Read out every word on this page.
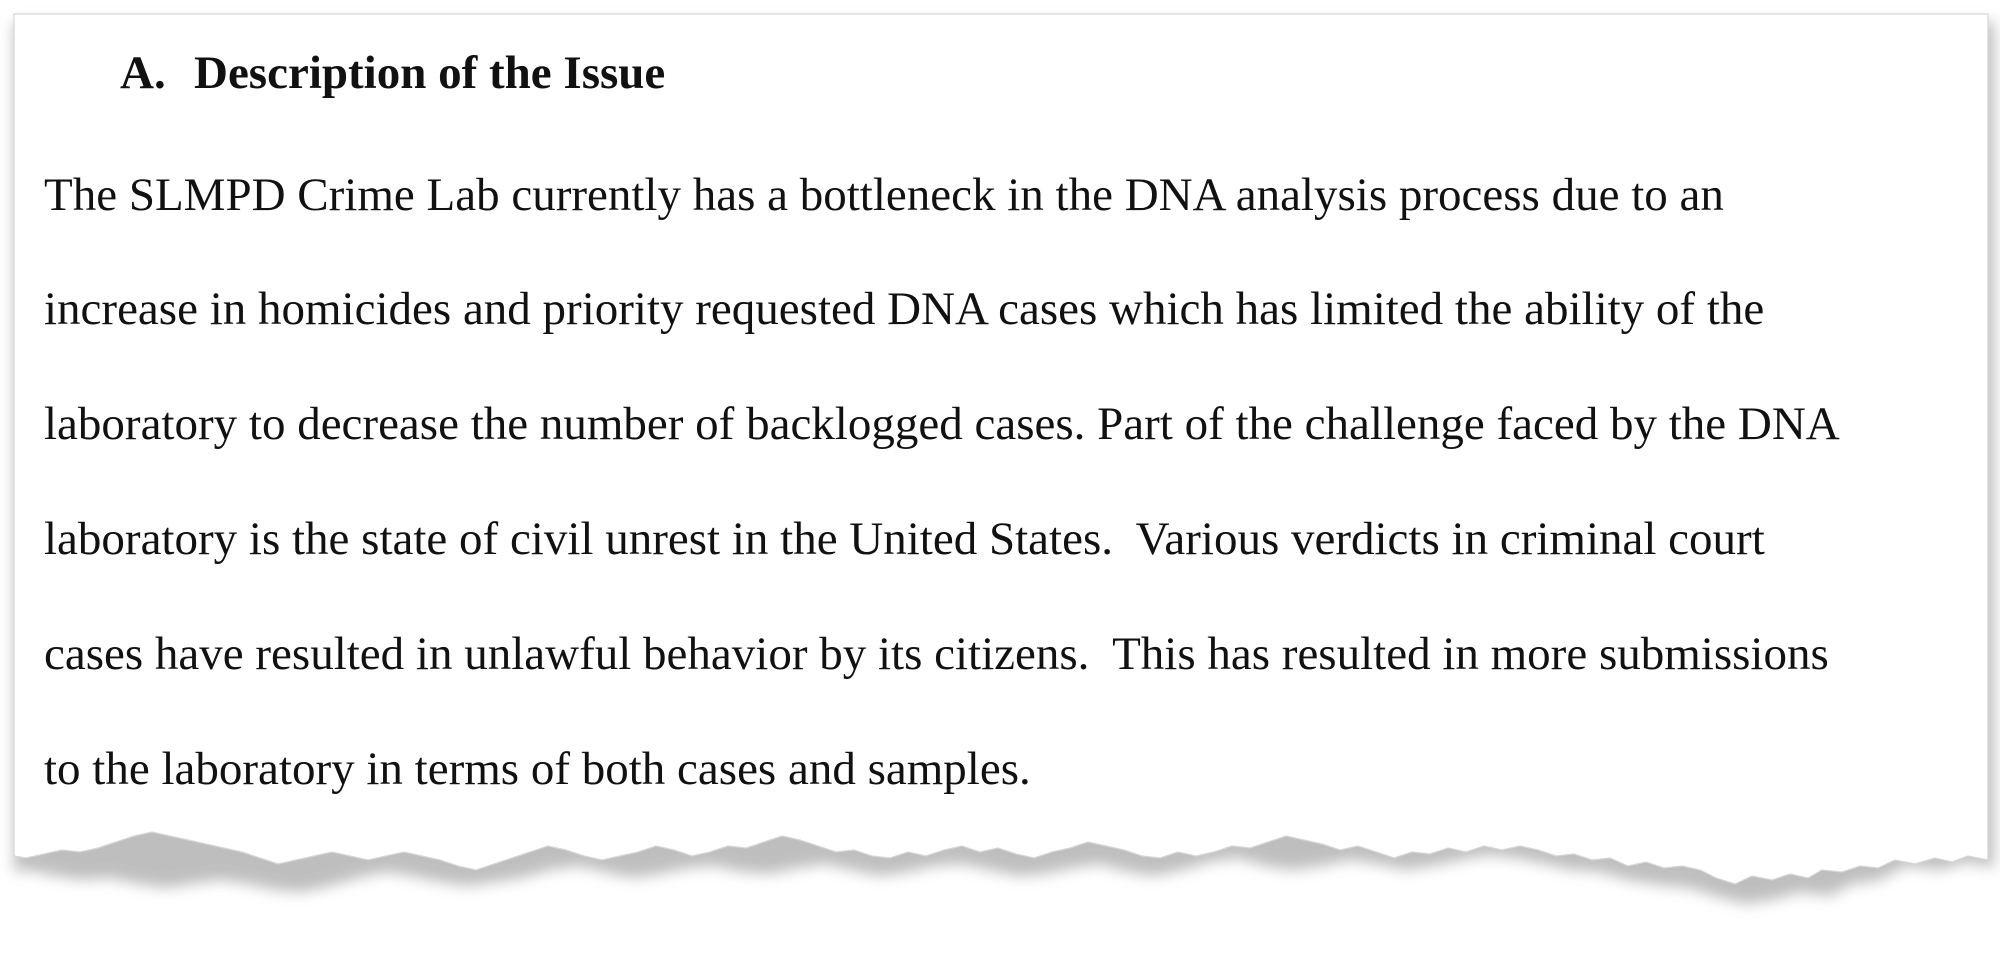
A. Description of the Issue
The SLMPD Crime Lab currently has a bottleneck in the DNA analysis process due to an
increase in homicides and priority requested DNA cases which has limited the ability of the
laboratory to decrease the number of backlogged cases. Part of the challenge faced by the DNA
laboratory is the state of civil unrest in the United States.  Various verdicts in criminal court
cases have resulted in unlawful behavior by its citizens.  This has resulted in more submissions
to the laboratory in terms of both cases and samples.
